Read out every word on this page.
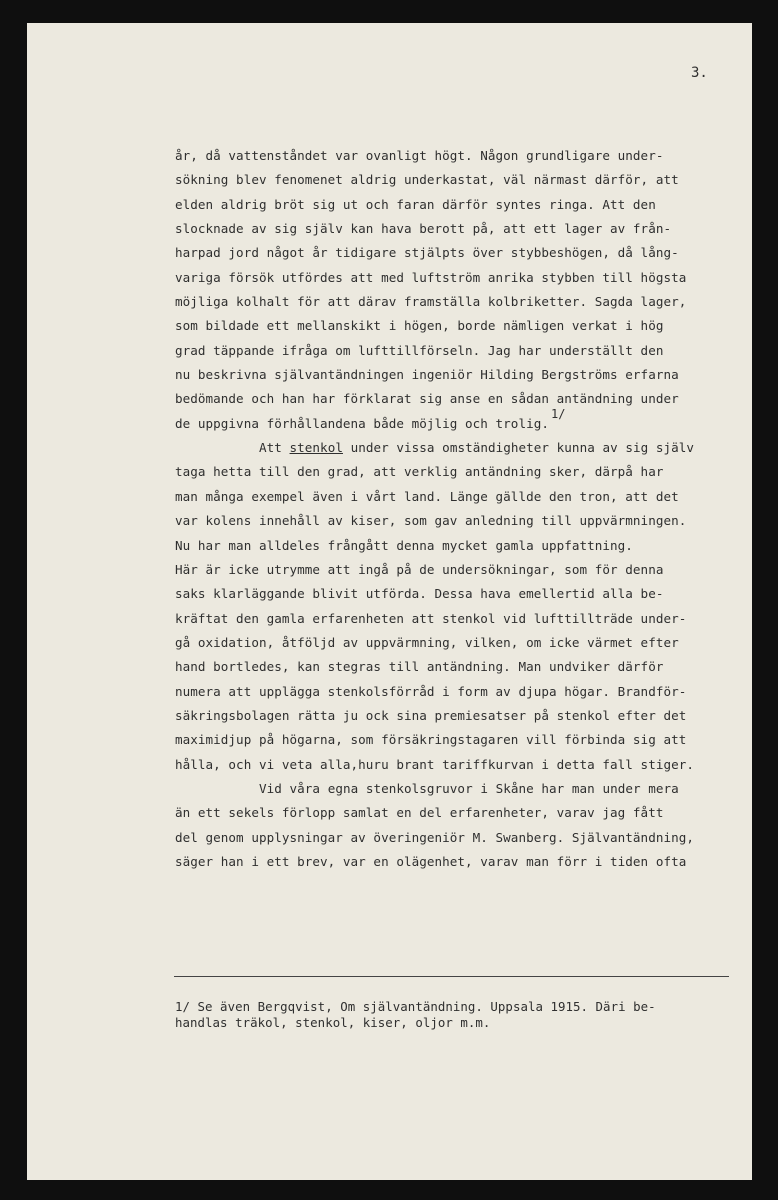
3.
år, då vattenståndet var ovanligt högt. Någon grundligare under-
sökning blev fenomenet aldrig underkastat, väl närmast därför, att
elden aldrig bröt sig ut och faran därför syntes ringa. Att den
slocknade av sig själv kan hava berott på, att ett lager av från-
harpad jord något år tidigare stjälpts över stybbeshögen, då lång-
variga försök utfördes att med luftström anrika stybben till högsta
möjliga kolhalt för att därav framställa kolbriketter. Sagda lager,
som bildade ett mellanskikt i högen, borde nämligen verkat i hög
grad täppande ifråga om lufttillförseln. Jag har underställt den
nu beskrivna självantändningen ingeniör Hilding Bergströms erfarna
bedömande och han har förklarat sig anse en sådan antändning under
de uppgivna förhållandena både möjlig och trolig.1/
Att stenkol under vissa omständigheter kunna av sig själv
taga hetta till den grad, att verklig antändning sker, därpå har
man många exempel även i vårt land. Länge gällde den tron, att det
var kolens innehåll av kiser, som gav anledning till uppvärmningen.
Nu har man alldeles frångått denna mycket gamla uppfattning.
Här är icke utrymme att ingå på de undersökningar, som för denna
saks klarläggande blivit utförda. Dessa hava emellertid alla be-
kräftat den gamla erfarenheten att stenkol vid lufttillträde under-
gå oxidation, åtföljd av uppvärmning, vilken, om icke värmet efter
hand bortledes, kan stegras till antändning. Man undviker därför
numera att upplägga stenkolsförråd i form av djupa högar. Brandför-
säkringsbolagen rätta ju ock sina premiesatser på stenkol efter det
maximidjup på högarna, som försäkringstagaren vill förbinda sig att
hålla, och vi veta alla,huru brant tariffkurvan i detta fall stiger.
Vid våra egna stenkolsgruvor i Skåne har man under mera
än ett sekels förlopp samlat en del erfarenheter, varav jag fått
del genom upplysningar av överingeniör M. Swanberg. Självantändning,
säger han i ett brev, var en olägenhet, varav man förr i tiden ofta
1/ Se även Bergqvist, Om självantändning. Uppsala 1915. Däri be-
handlas träkol, stenkol, kiser, oljor m.m.
